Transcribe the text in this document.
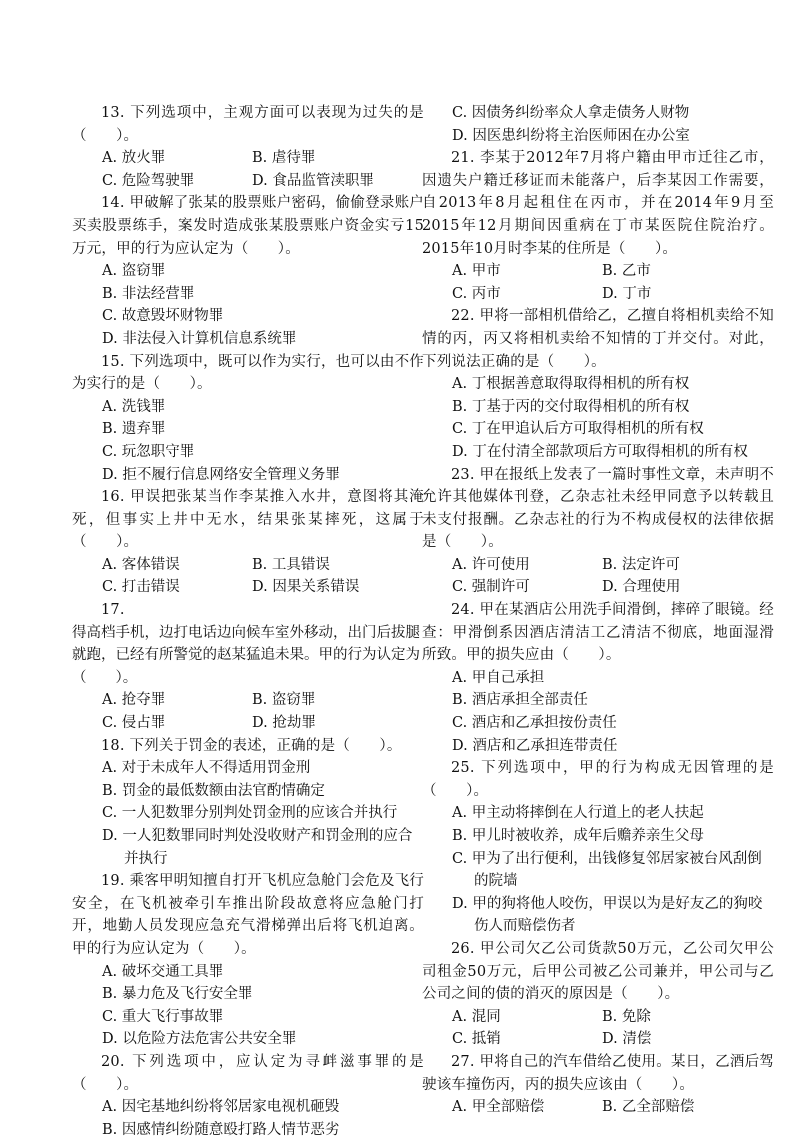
13. 下列选项中，主观方面可以表现为过失的是（　　）。

A. 放火罪	B. 虐待罪
C. 危险驾驶罪	D. 食品监管渎职罪

14. 甲破解了张某的股票账户密码，偷偷登录账户买卖股票练手，案发时造成张某股票账户资金实亏15万元，甲的行为应认定为（　　）。

A. 盗窃罪

B. 非法经营罪

C. 故意毁坏财物罪

D. 非法侵入计算机信息系统罪

15. 下列选项中，既可以作为实行，也可以由不作为实行的是（　　）。

A. 洗钱罪

B. 遗弃罪

C. 玩忽职守罪

D. 拒不履行信息网络安全管理义务罪

16. 甲误把张某当作李某推入水井，意图将其淹死，但事实上井中无水，结果张某摔死，这属于（　　）。

A. 客体错误	B. 工具错误
C. 打击错误	D. 因果关系错误

17.

得高档手机，边打电话边向候车室外移动，出门后拔腿就跑，已经有所警觉的赵某猛追未果。甲的行为认定为（　　）。

A. 抢夺罪	B. 盗窃罪
C. 侵占罪	D. 抢劫罪

18. 下列关于罚金的表述，正确的是（　　）。

A. 对于未成年人不得适用罚金刑

B. 罚金的最低数额由法官酌情确定

C. 一人犯数罪分别判处罚金刑的应该合并执行

D. 一人犯数罪同时判处没收财产和罚金刑的应合并执行

19. 乘客甲明知擅自打开飞机应急舱门会危及飞行安全，在飞机被牵引车推出阶段故意将应急舱门打开，地勤人员发现应急充气滑梯弹出后将飞机迫离。甲的行为应认定为（　　）。

A. 破坏交通工具罪

B. 暴力危及飞行安全罪

C. 重大飞行事故罪

D. 以危险方法危害公共安全罪

20. 下列选项中，应认定为寻衅滋事罪的是（　　）。

A. 因宅基地纠纷将邻居家电视机砸毁

B. 因感情纠纷随意殴打路人情节恶劣

C. 因债务纠纷率众人拿走债务人财物

D. 因医患纠纷将主治医师困在办公室

21. 李某于2012年7月将户籍由甲市迁往乙市，因遗失户籍迁移证而未能落户，后李某因工作需要，自2013年8月起租住在丙市，并在2014年9月至2015年12月期间因重病在丁市某医院住院治疗。2015年10月时李某的住所是（　　）。

A. 甲市	B. 乙市
C. 丙市	D. 丁市

22. 甲将一部相机借给乙，乙擅自将相机卖给不知情的丙，丙又将相机卖给不知情的丁并交付。对此，下列说法正确的是（　　）。

A. 丁根据善意取得取得相机的所有权

B. 丁基于丙的交付取得相机的所有权

C. 丁在甲追认后方可取得相机的所有权

D. 丁在付清全部款项后方可取得相机的所有权

23. 甲在报纸上发表了一篇时事性文章，未声明不允许其他媒体刊登，乙杂志社未经甲同意予以转载且未支付报酬。乙杂志社的行为不构成侵权的法律依据是（　　）。

A. 许可使用	B. 法定许可
C. 强制许可	D. 合理使用

24. 甲在某酒店公用洗手间滑倒，摔碎了眼镜。经查：甲滑倒系因酒店清洁工乙清洁不彻底，地面湿滑所致。甲的损失应由（　　）。

A. 甲自己承担

B. 酒店承担全部责任

C. 酒店和乙承担按份责任

D. 酒店和乙承担连带责任

25. 下列选项中，甲的行为构成无因管理的是（　　）。

A. 甲主动将摔倒在人行道上的老人扶起

B. 甲儿时被收养，成年后赡养亲生父母

C. 甲为了出行便利，出钱修复邻居家被台风刮倒的院墙

D. 甲的狗将他人咬伤，甲误以为是好友乙的狗咬伤人而赔偿伤者

26. 甲公司欠乙公司货款50万元，乙公司欠甲公司租金50万元，后甲公司被乙公司兼并，甲公司与乙公司之间的债的消灭的原因是（　　）。

A. 混同	B. 免除
C. 抵销	D. 清偿

27. 甲将自己的汽车借给乙使用。某日，乙酒后驾驶该车撞伤丙，丙的损失应该由（　　）。

A. 甲全部赔偿	B. 乙全部赔偿
